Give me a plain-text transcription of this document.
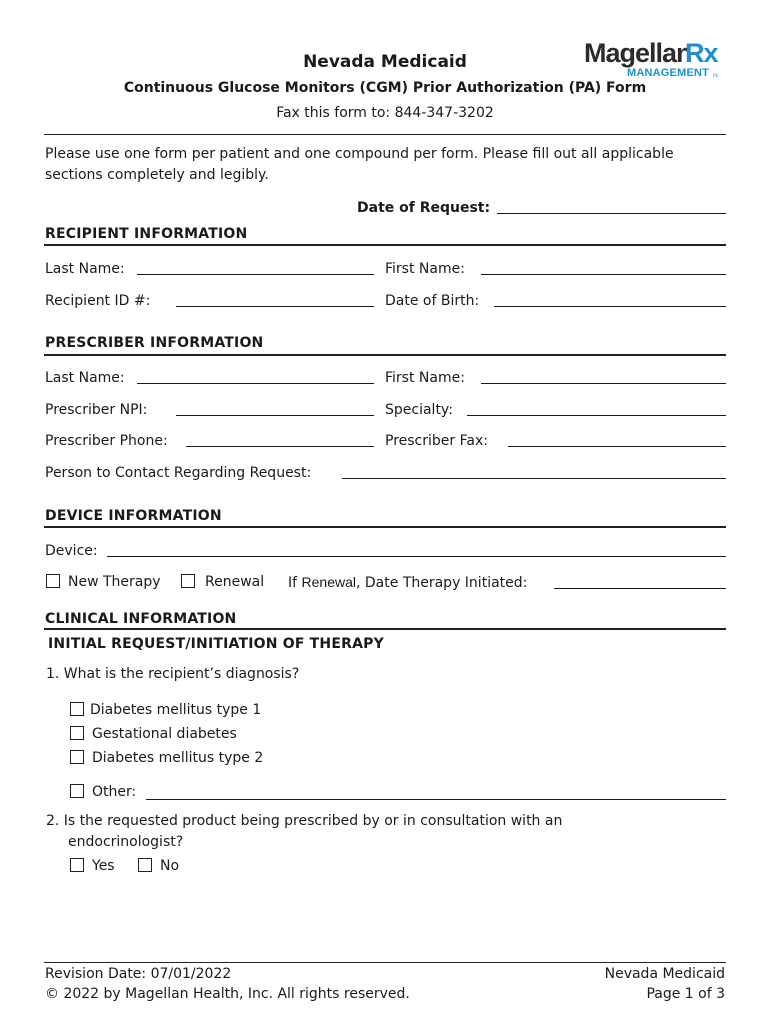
Magellan
Rx
MANAGEMENT llc
Nevada Medicaid
Continuous Glucose Monitors (CGM) Prior Authorization (PA) Form
Fax this form to: 844-347-3202
Please use one form per patient and one compound per form. Please fill out all applicable
sections completely and legibly.
Date of Request:
RECIPIENT INFORMATION
Last Name:	First Name:
Recipient ID #:	Date of Birth:
PRESCRIBER INFORMATION
Last Name:	First Name:
Prescriber NPI:	Specialty:
Prescriber Phone:	Prescriber Fax:
Person to Contact Regarding Request:
DEVICE INFORMATION
Device:
New Therapy	Renewal If Renewal, Date Therapy Initiated:
CLINICAL INFORMATION
INITIAL REQUEST/INITIATION OF THERAPY
1. What is the recipient’s diagnosis?
Diabetes mellitus type 1
Gestational diabetes
Diabetes mellitus type 2
Other:
2. Is the requested product being prescribed by or in consultation with an
endocrinologist?
Yes	No
Revision Date: 07/01/2022
© 2022 by Magellan Health, Inc. All rights reserved.
Nevada Medicaid
Page 1 of 3
